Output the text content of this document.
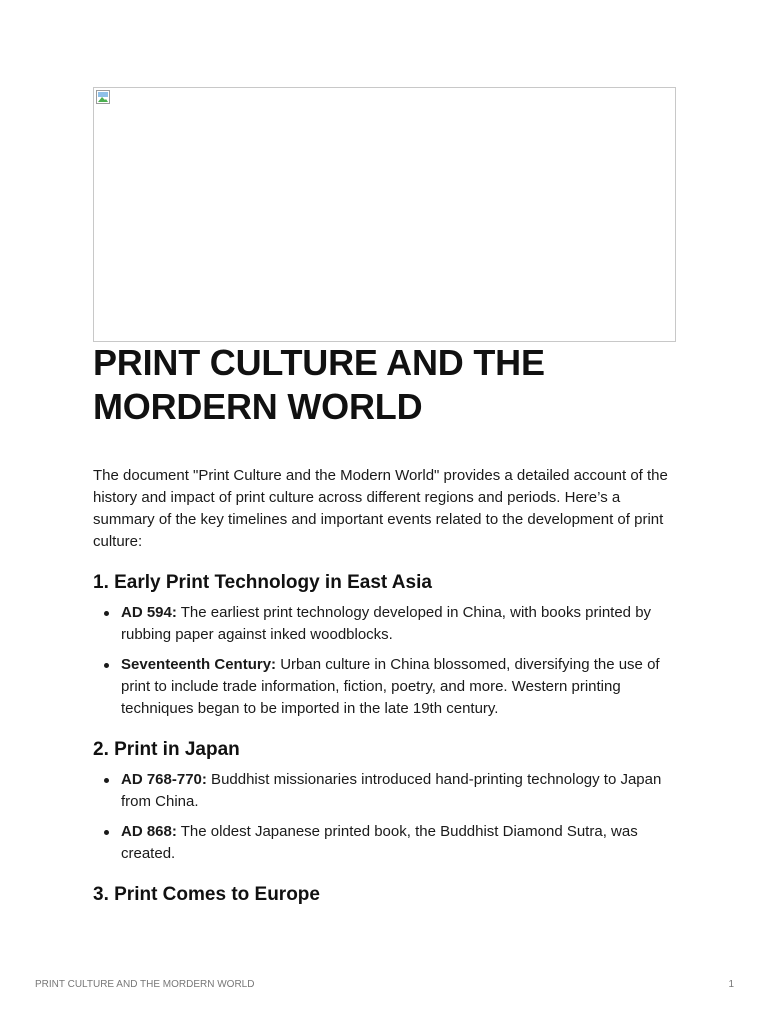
PRINT CULTURE AND THE MORDERN WORLD

The document "Print Culture and the Modern World" provides a detailed account of the history and impact of print culture across different regions and periods. Here’s a summary of the key timelines and important events related to the development of print culture:

1. Early Print Technology in East Asia
AD 594: The earliest print technology developed in China, with books printed by rubbing paper against inked woodblocks.
Seventeenth Century: Urban culture in China blossomed, diversifying the use of print to include trade information, fiction, poetry, and more. Western printing techniques began to be imported in the late 19th century.
2. Print in Japan
AD 768-770: Buddhist missionaries introduced hand-printing technology to Japan from China.
AD 868: The oldest Japanese printed book, the Buddhist Diamond Sutra, was created.
3. Print Comes to Europe
PRINT CULTURE AND THE MORDERN WORLD	1
